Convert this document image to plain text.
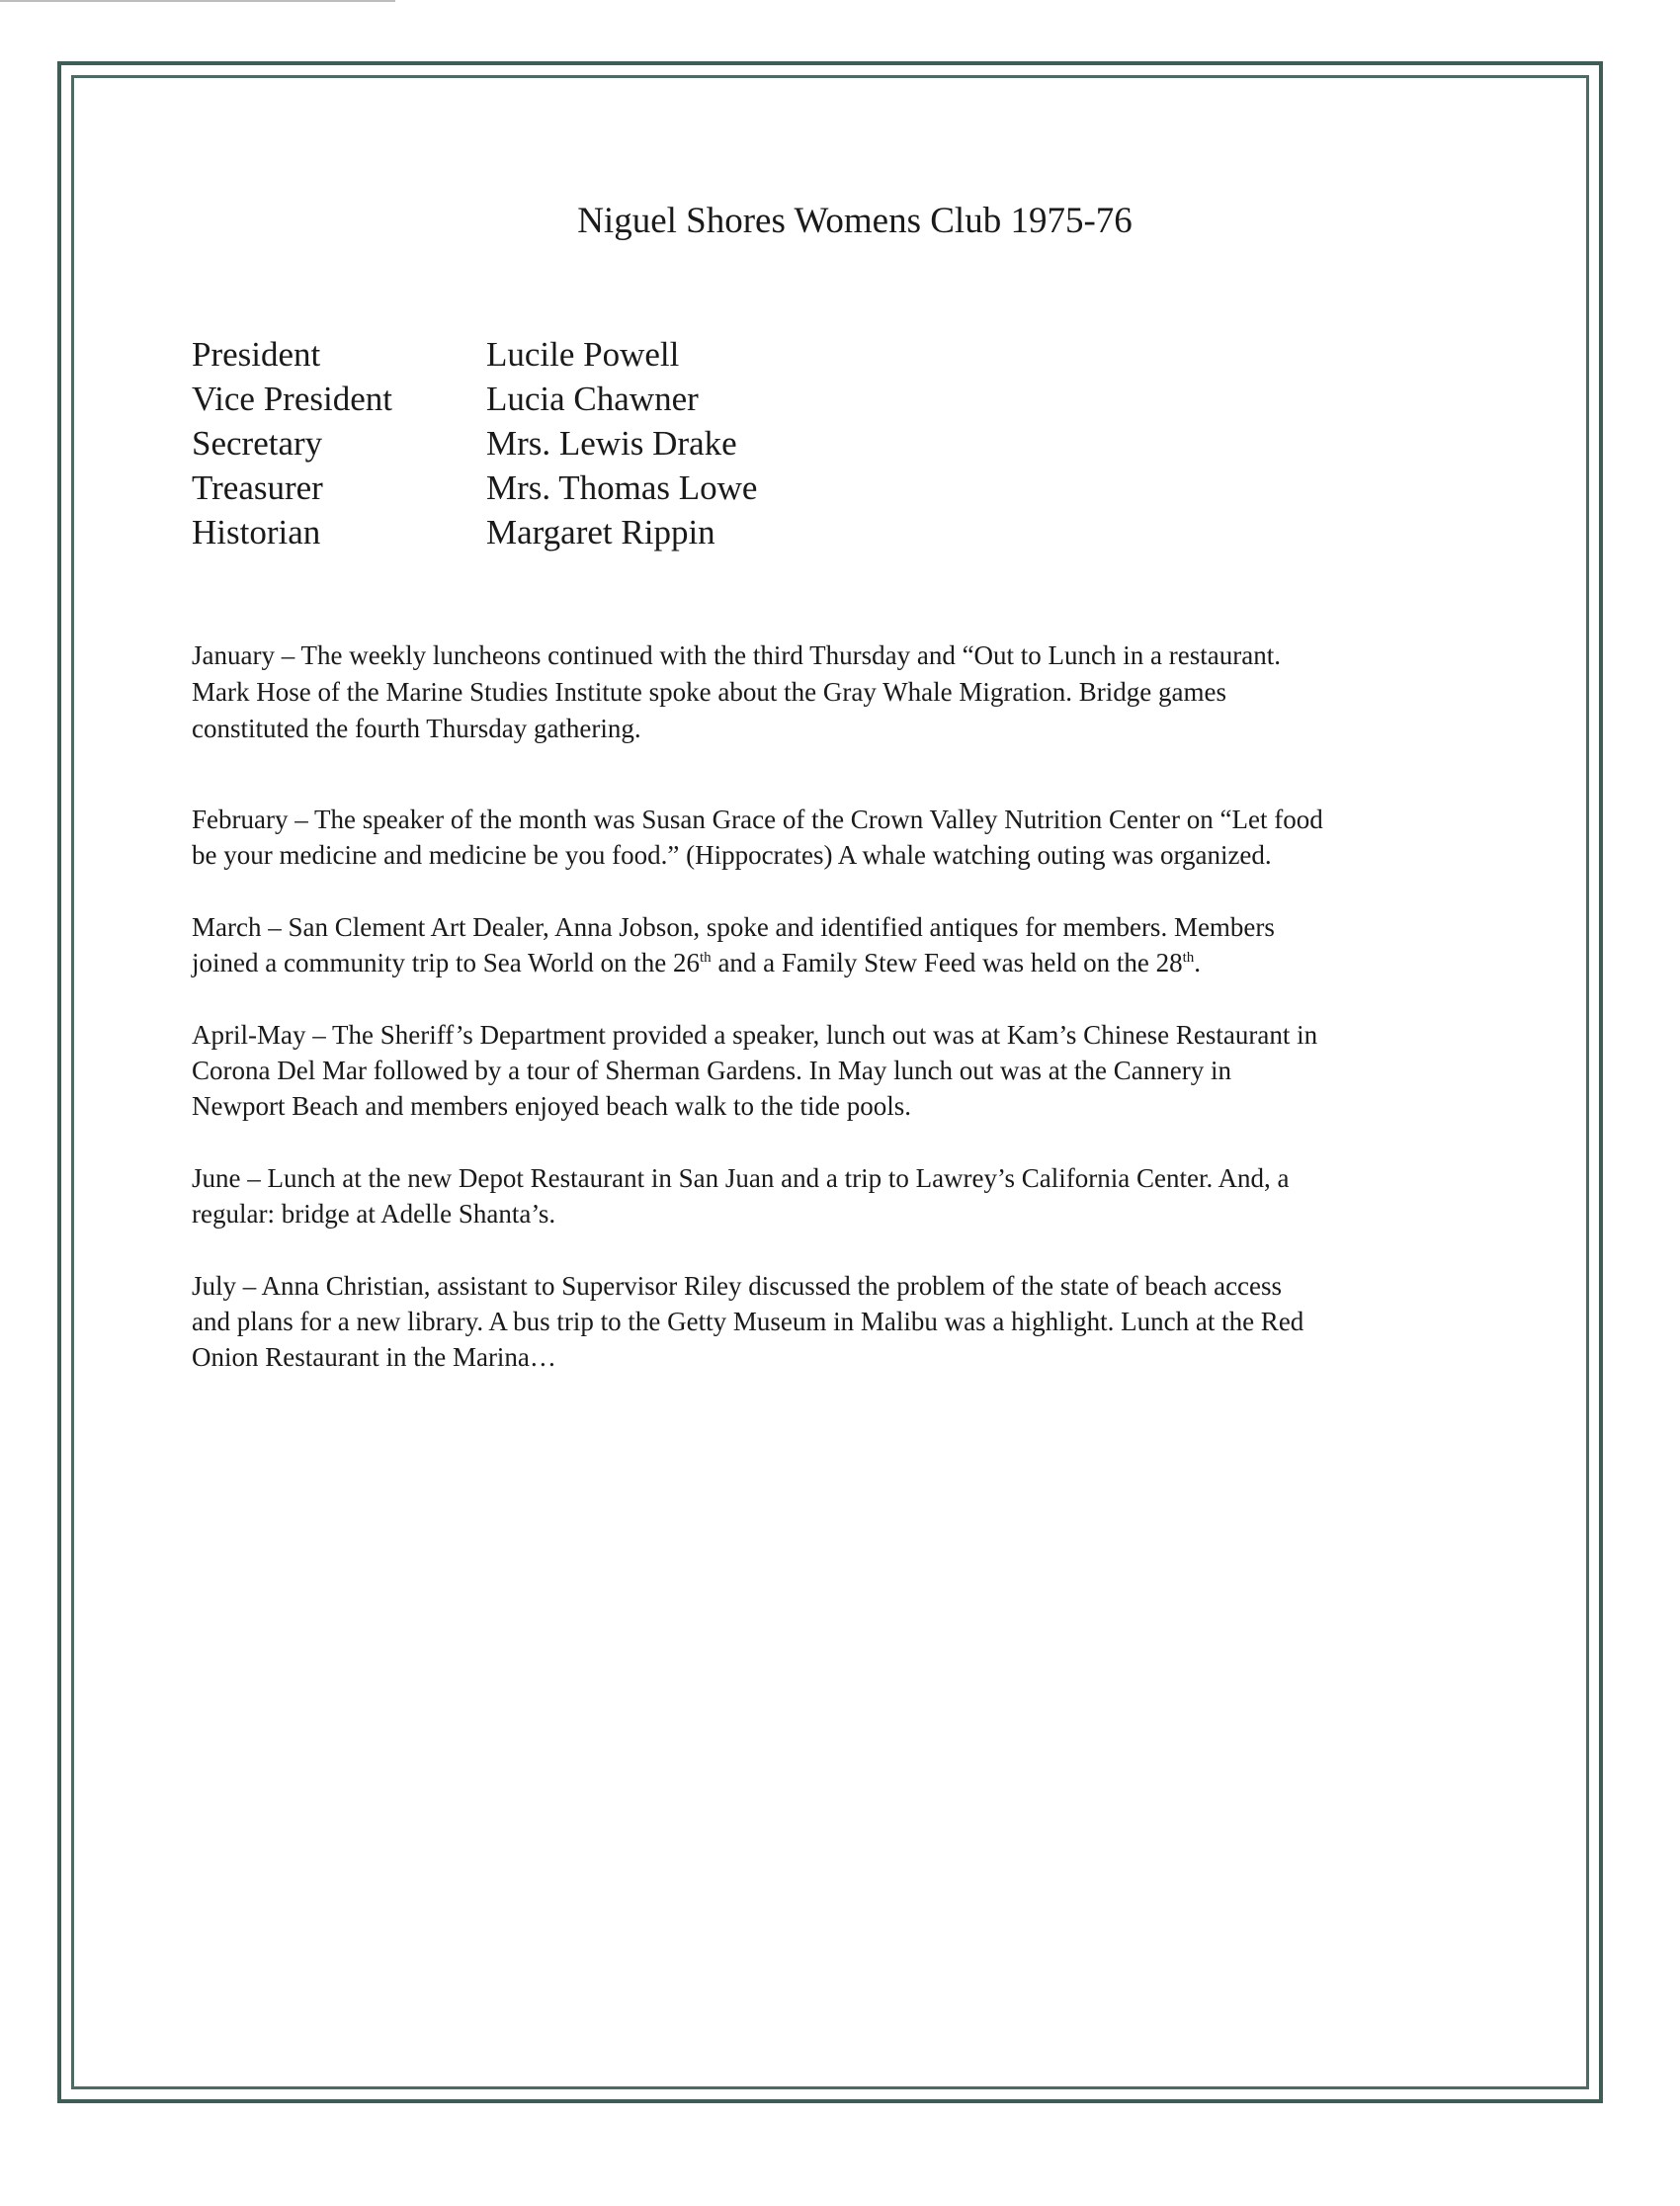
Niguel Shores Womens Club 1975-76
President	Lucile Powell
Vice President	Lucia Chawner
Secretary	Mrs. Lewis Drake
Treasurer	Mrs. Thomas Lowe
Historian	Margaret Rippin

January – The weekly luncheons continued with the third Thursday and “Out to Lunch in a restaurant.
Mark Hose of the Marine Studies Institute spoke about the Gray Whale Migration. Bridge games
constituted the fourth Thursday gathering.

February – The speaker of the month was Susan Grace of the Crown Valley Nutrition Center on “Let food
be your medicine and medicine be you food.” (Hippocrates) A whale watching outing was organized.

March – San Clement Art Dealer, Anna Jobson, spoke and identified antiques for members. Members
joined a community trip to Sea World on the 26th and a Family Stew Feed was held on the 28th.

April-May – The Sheriff’s Department provided a speaker, lunch out was at Kam’s Chinese Restaurant in
Corona Del Mar followed by a tour of Sherman Gardens. In May lunch out was at the Cannery in
Newport Beach and members enjoyed beach walk to the tide pools.

June – Lunch at the new Depot Restaurant in San Juan and a trip to Lawrey’s California Center. And, a
regular: bridge at Adelle Shanta’s.

July – Anna Christian, assistant to Supervisor Riley discussed the problem of the state of beach access
and plans for a new library. A bus trip to the Getty Museum in Malibu was a highlight. Lunch at the Red
Onion Restaurant in the Marina…
